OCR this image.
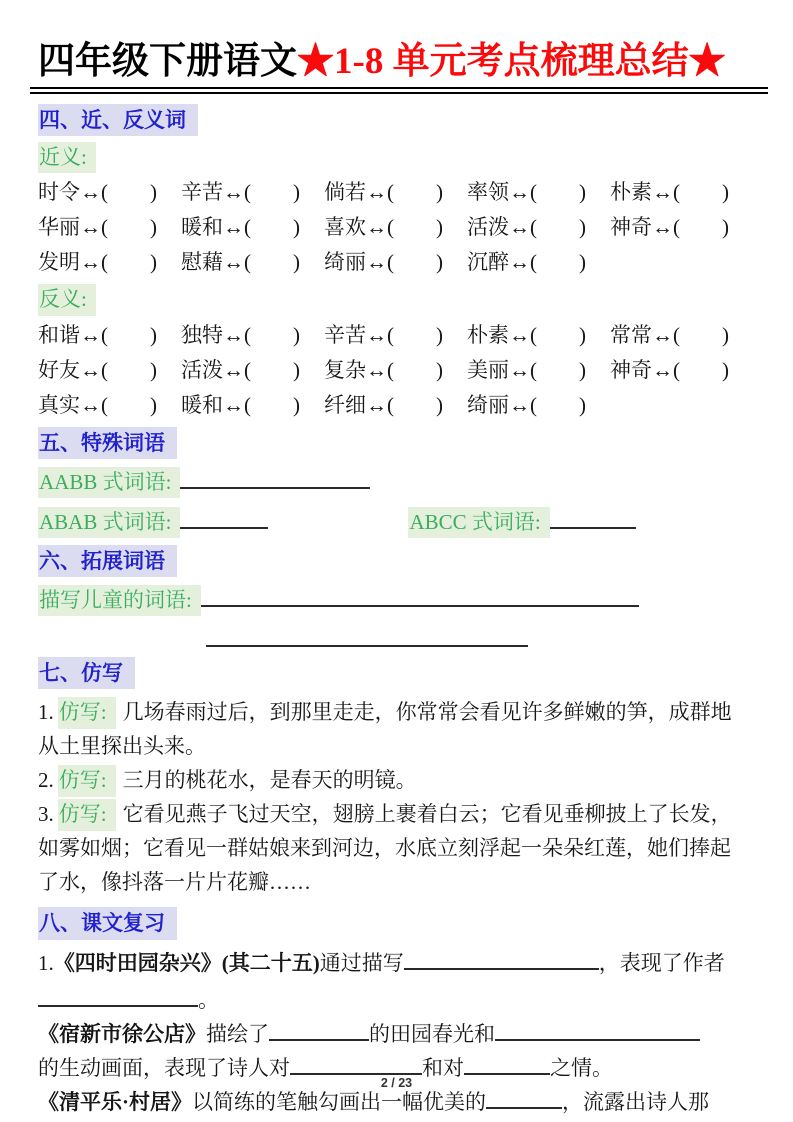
四年级下册语文★1-8 单元考点梳理总结★
四、近、反义词
近义:
时令↔(　　) 辛苦↔(　　) 倘若↔(　　) 率领↔(　　) 朴素↔(　　)
华丽↔(　　) 暖和↔(　　) 喜欢↔(　　) 活泼↔(　　) 神奇↔(　　)
发明↔(　　) 慰藉↔(　　) 绮丽↔(　　) 沉醉↔(　　)
反义:
和谐↔(　　) 独特↔(　　) 辛苦↔(　　) 朴素↔(　　) 常常↔(　　)
好友↔(　　) 活泼↔(　　) 复杂↔(　　) 美丽↔(　　) 神奇↔(　　)
真实↔(　　) 暖和↔(　　) 纤细↔(　　) 绮丽↔(　　)
五、特殊词语
AABB 式词语:
ABAB 式词语:	ABCC 式词语:
六、拓展词语
描写儿童的词语:
七、仿写
1. 仿写: 几场春雨过后，到那里走走，你常常会看见许多鲜嫩的笋，成群地
从土里探出头来。
2. 仿写: 三月的桃花水，是春天的明镜。
3. 仿写: 它看见燕子飞过天空，翅膀上裹着白云；它看见垂柳披上了长发，
如雾如烟；它看见一群姑娘来到河边，水底立刻浮起一朵朵红莲，她们捧起
了水，像抖落一片片花瓣……
八、课文复习
1.《四时田园杂兴》(其二十五)通过描写	，表现了作者
。
《宿新市徐公店》描绘了	的田园春光和
的生动画面，表现了诗人对	和对	之情。
《清平乐·村居》以简练的笔触勾画出一幅优美的	，流露出诗人那
2 / 23
